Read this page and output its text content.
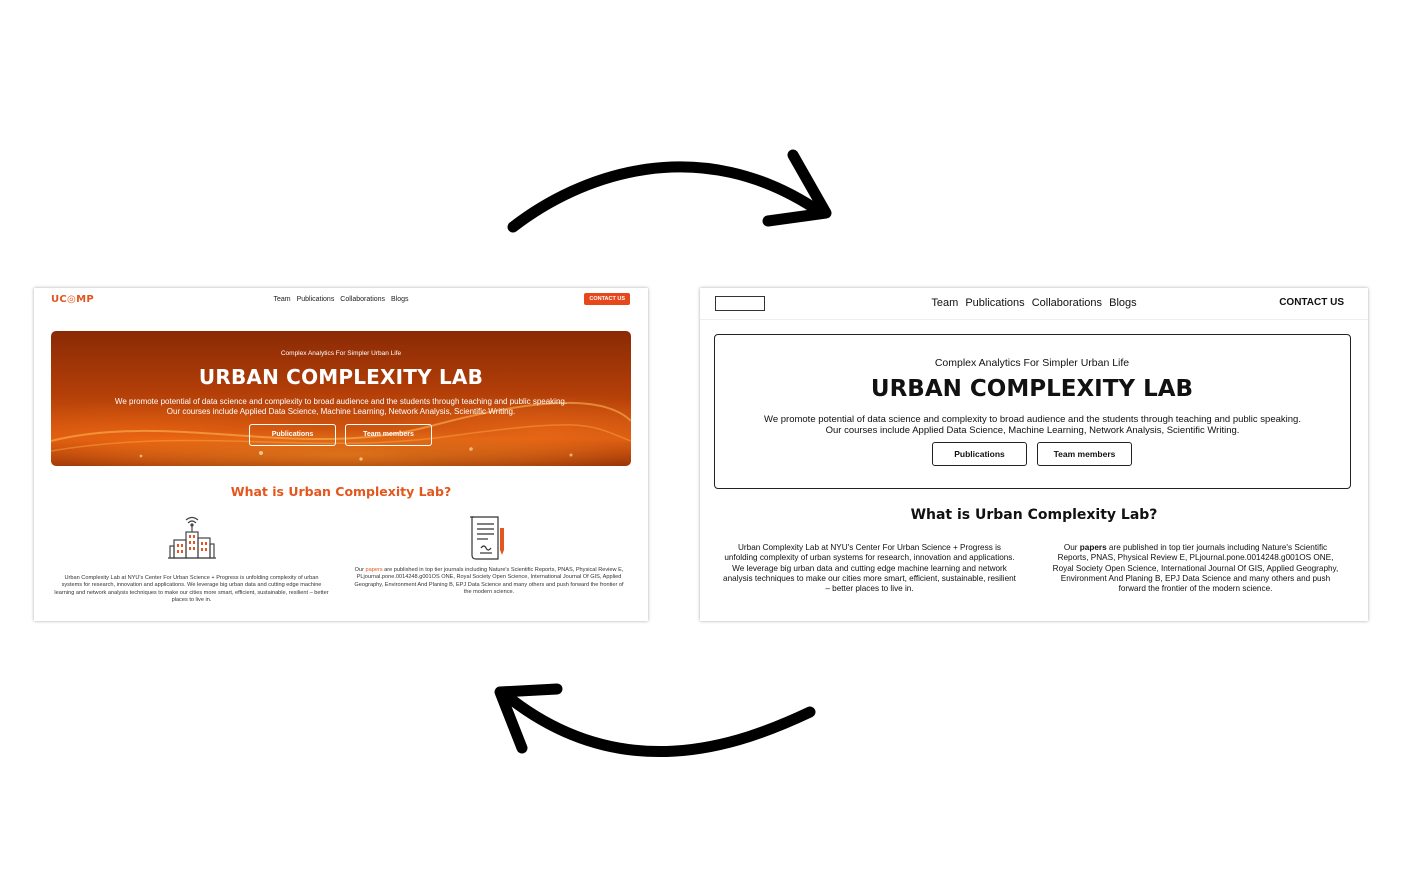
UC◎MP	Team Publications Collaborations Blogs	CONTACT US
Complex Analytics For Simpler Urban Life
URBAN COMPLEXITY LAB
We promote potential of data science and complexity to broad audience and the students through teaching and public speaking.
Our courses include Applied Data Science, Machine Learning, Network Analysis, Scientific Writing.
Publications	Team members
What is Urban Complexity Lab?
Urban Complexity Lab at NYU's Center For Urban Science + Progress is unfolding complexity of urban systems for research, innovation and applications. We leverage big urban data and cutting edge machine learning and network analysis techniques to make our cities more smart, efficient, sustainable, resilient – better places to live in.
Our papers are published in top tier journals including Nature's Scientific Reports, PNAS, Physical Review E, PLjournal.pone.0014248.g001OS ONE, Royal Society Open Science, International Journal Of GIS, Applied Geography, Environment And Planing B, EPJ Data Science and many others and push forward the frontier of the modern science.
Team Publications Collaborations Blogs	CONTACT US
Complex Analytics For Simpler Urban Life
URBAN COMPLEXITY LAB
We promote potential of data science and complexity to broad audience and the students through teaching and public speaking.
Our courses include Applied Data Science, Machine Learning, Network Analysis, Scientific Writing.
Publications	Team members
What is Urban Complexity Lab?
Urban Complexity Lab at NYU's Center For Urban Science + Progress is unfolding complexity of urban systems for research, innovation and applications. We leverage big urban data and cutting edge machine learning and network analysis techniques to make our cities more smart, efficient, sustainable, resilient – better places to live in.
Our papers are published in top tier journals including Nature's Scientific Reports, PNAS, Physical Review E, PLjournal.pone.0014248.g001OS ONE, Royal Society Open Science, International Journal Of GIS, Applied Geography, Environment And Planing B, EPJ Data Science and many others and push forward the frontier of the modern science.
